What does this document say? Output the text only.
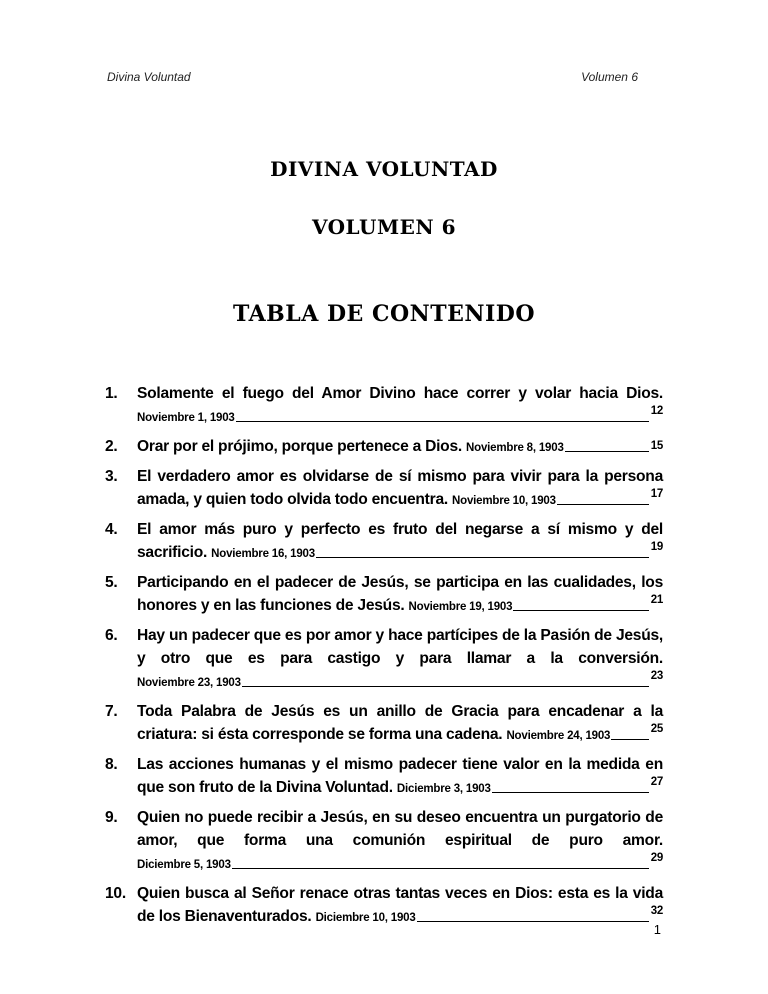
Divina Voluntad	Volumen 6
DIVINA VOLUNTAD
VOLUMEN 6
TABLA DE CONTENIDO
1. Solamente el fuego del Amor Divino hace correr y volar hacia Dios. Noviembre 1, 1903
12
2. Orar por el prójimo, porque pertenece a Dios. Noviembre 8, 1903	15
3. El verdadero amor es olvidarse de sí mismo para vivir para la persona amada, y quien todo olvida todo encuentra. Noviembre 10, 1903
17
4. El amor más puro y perfecto es fruto del negarse a sí mismo y del sacrificio. Noviembre 16, 1903
19
5. Participando en el padecer de Jesús, se participa en las cualidades, los honores y en las funciones de Jesús. Noviembre 19, 1903
21
6. Hay un padecer que es por amor y hace partícipes de la Pasión de Jesús, y otro que es para castigo y para llamar a la conversión. Noviembre 23, 1903
23
7. Toda Palabra de Jesús es un anillo de Gracia para encadenar a la criatura: si ésta corresponde se forma una cadena. Noviembre 24, 1903
25
8. Las acciones humanas y el mismo padecer tiene valor en la medida en que son fruto de la Divina Voluntad. Diciembre 3, 1903
27
9. Quien no puede recibir a Jesús, en su deseo encuentra un purgatorio de amor, que forma una comunión espiritual de puro amor. Diciembre 5, 1903
29
10. Quien busca al Señor renace otras tantas veces en Dios: esta es la vida de los Bienaventurados. Diciembre 10, 1903
32
1
